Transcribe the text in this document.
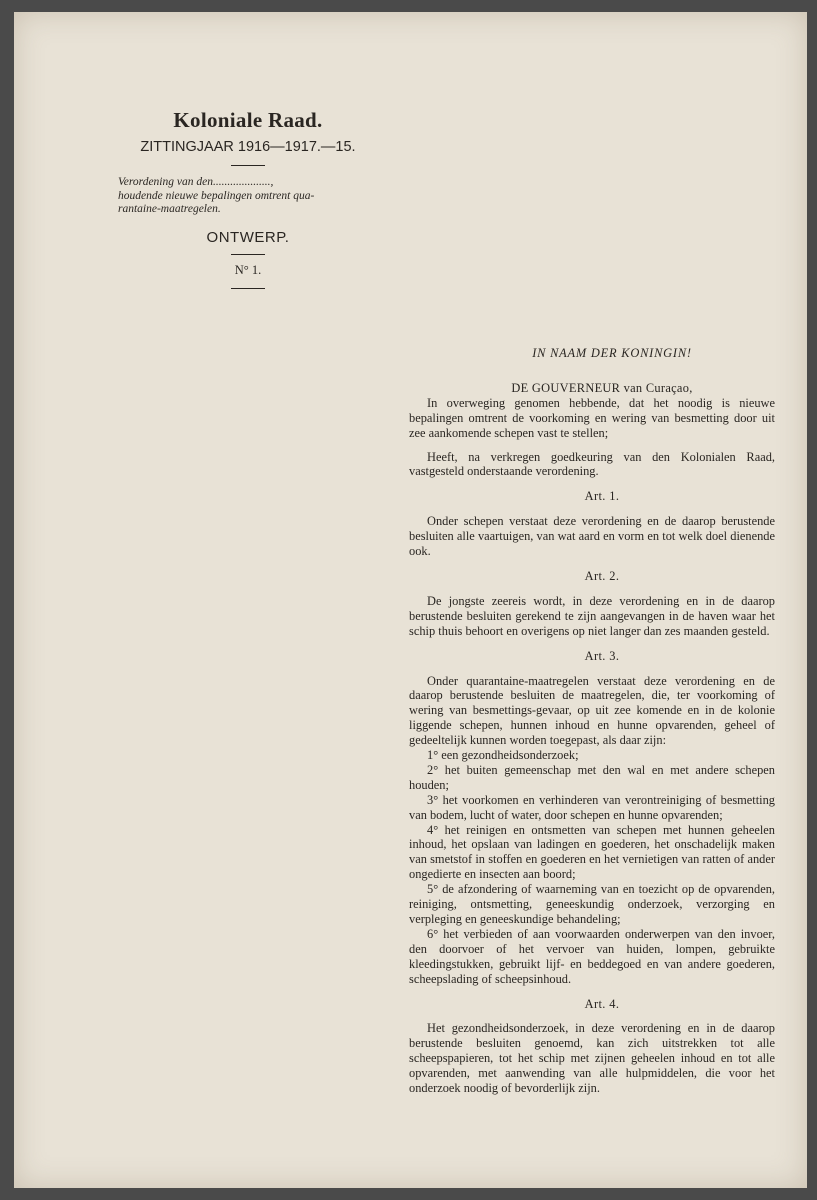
Koloniale Raad.
ZITTINGJAAR 1916—1917.—15.
Verordening van den....................,
houdende nieuwe bepalingen omtrent qua-
rantaine-maatregelen.
ONTWERP.
N° 1.
IN NAAM DER KONINGIN!
DE GOUVERNEUR van Curaçao,

In overweging genomen hebbende, dat het noodig is nieuwe bepalingen omtrent de voorkoming en wering van besmetting door uit zee aankomende schepen vast te stellen;

Heeft, na verkregen goedkeuring van den Kolonialen Raad, vastgesteld onderstaande verordening.

Art. 1.

Onder schepen verstaat deze verordening en de daarop berustende besluiten alle vaartuigen, van wat aard en vorm en tot welk doel dienende ook.

Art. 2.

De jongste zeereis wordt, in deze verordening en in de daarop berustende besluiten gerekend te zijn aangevangen in de haven waar het schip thuis behoort en overigens op niet langer dan zes maanden gesteld.

Art. 3.

Onder quarantaine-maatregelen verstaat deze verordening en de daarop berustende besluiten de maatregelen, die, ter voorkoming of wering van besmettings-gevaar, op uit zee komende en in de kolonie liggende schepen, hunnen inhoud en hunne opvarenden, geheel of gedeeltelijk kunnen worden toegepast, als daar zijn:

1° een gezondheidsonderzoek;

2° het buiten gemeenschap met den wal en met andere schepen houden;

3° het voorkomen en verhinderen van verontreiniging of besmetting van bodem, lucht of water, door schepen en hunne opvarenden;

4° het reinigen en ontsmetten van schepen met hunnen geheelen inhoud, het opslaan van ladingen en goederen, het onschadelijk maken van smetstof in stoffen en goederen en het vernietigen van ratten of ander ongedierte en insecten aan boord;

5° de afzondering of waarneming van en toezicht op de opvarenden, reiniging, ontsmetting, geneeskundig onderzoek, verzorging en verpleging en geneeskundige behandeling;

6° het verbieden of aan voorwaarden onderwerpen van den invoer, den doorvoer of het vervoer van huiden, lompen, gebruikte kleedingstukken, gebruikt lijf- en beddegoed en van andere goederen, scheepslading of scheepsinhoud.

Art. 4.

Het gezondheidsonderzoek, in deze verordening en in de daarop berustende besluiten genoemd, kan zich uitstrekken tot alle scheepspapieren, tot het schip met zijnen geheelen inhoud en tot alle opvarenden, met aanwending van alle hulpmiddelen, die voor het onderzoek noodig of bevorderlijk zijn.
